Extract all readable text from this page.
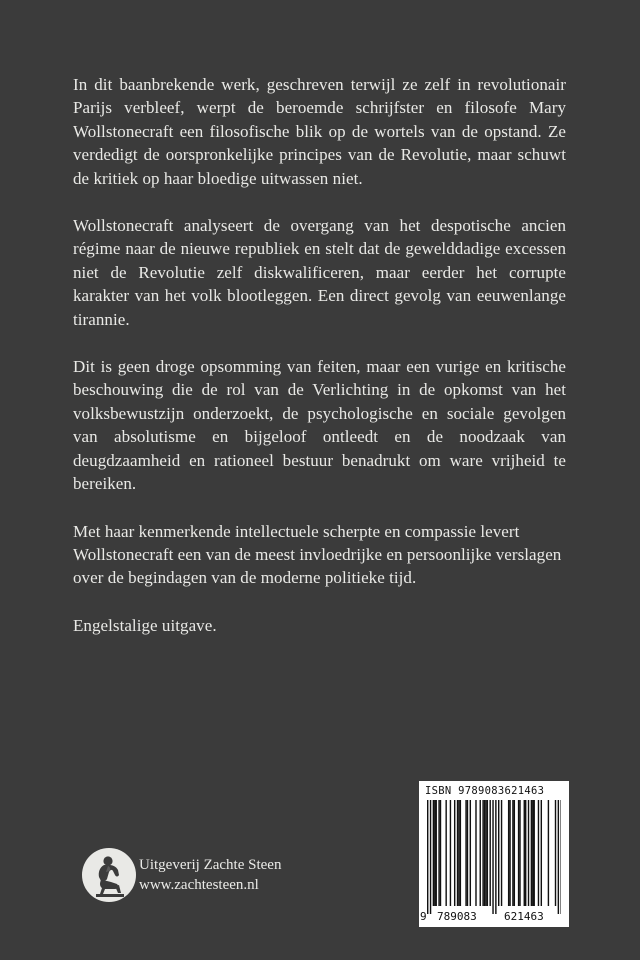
In dit baanbrekende werk, geschreven terwijl ze zelf in revolutionair Parijs verbleef, werpt de beroemde schrijfster en filosofe Mary Wollstonecraft een filosofische blik op de wortels van de opstand. Ze verdedigt de oorspronkelijke principes van de Revolutie, maar schuwt de kritiek op haar bloedige uitwassen niet.

Wollstonecraft analyseert de overgang van het despotische ancien régime naar de nieuwe republiek en stelt dat de gewelddadige excessen niet de Revolutie zelf diskwalificeren, maar eerder het corrupte karakter van het volk blootleggen. Een direct gevolg van eeuwenlange tirannie.

Dit is geen droge opsomming van feiten, maar een vurige en kritische beschouwing die de rol van de Verlichting in de opkomst van het volksbewustzijn onderzoekt, de psychologische en sociale gevolgen van absolutisme en bijgeloof ontleedt en de noodzaak van deugdzaamheid en rationeel bestuur benadrukt om ware vrijheid te bereiken.

Met haar kenmerkende intellectuele scherpte en compassie levert Wollstonecraft een van de meest invloedrijke en persoonlijke verslagen over de begindagen van de moderne politieke tijd.

Engelstalige uitgave.

Uitgeverij Zachte Steen
www.zachtesteen.nl
ISBN 9789083621463
9 789083 621463
